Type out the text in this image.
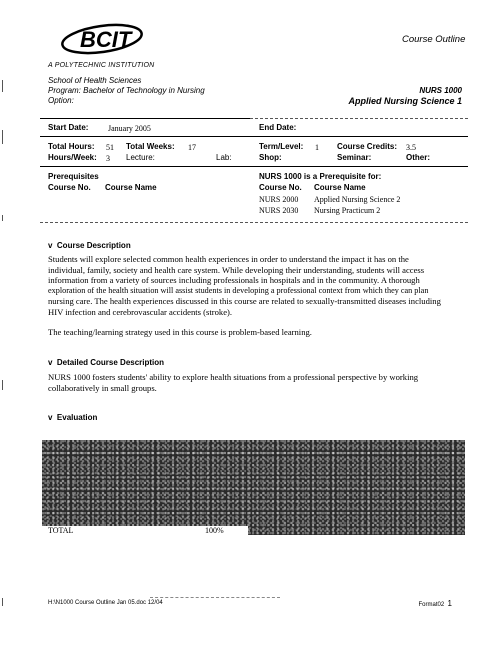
BCIT
A POLYTECHNIC INSTITUTION
Course Outline
School of Health Sciences
Program: Bachelor of Technology in Nursing
Option:
NURS 1000
Applied Nursing Science 1
Start Date: January 2005	End Date:
Total Hours: 51 Total Weeks: 17	Term/Level: 1 Course Credits: 3.5
Hours/Week: 3 Lecture:	Lab:	Shop:	Seminar:	Other:
Prerequisites
Course No. Course Name
NURS 1000 is a Prerequisite for:
Course No. Course Name
NURS 2000 Applied Nursing Science 2
NURS 2030 Nursing Practicum 2
v Course Description
Students will explore selected common health experiences in order to understand the impact it has on the
individual, family, society and health care system. While developing their understanding, students will access
information from a variety of sources including professionals in hospitals and in the community. A thorough
exploration of the health situation will assist students in developing a professional context from which they can plan
nursing care. The health experiences discussed in this course are related to sexually-transmitted diseases including
HIV infection and cerebrovascular accidents (stroke).
The teaching/learning strategy used in this course is problem-based learning.
v Detailed Course Description
NURS 1000 fosters students' ability to explore health situations from a professional perspective by working
collaboratively in small groups.
v Evaluation
TOTAL	100%
H:\N1000 Course Outline Jan 05.doc 12/04	Format02 1
